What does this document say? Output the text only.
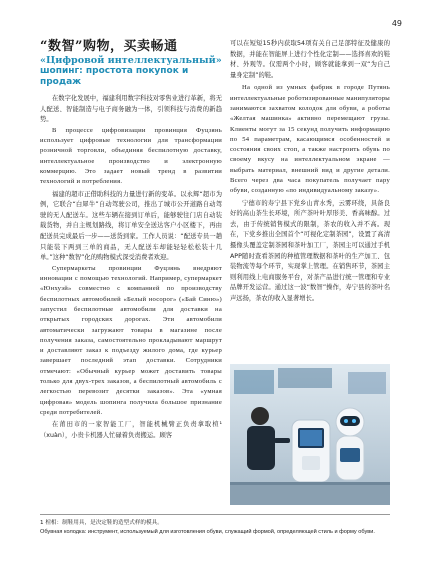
49
“数智”购物，买卖畅通
«Цифровой интеллектуальный»
шопинг: простота покупок и продаж

在数字化发展中，福建利用数字科技对零售业进行革新，将无人配送、智能制造与电子商务融为一体，引领科技与消费的新趋势。

В процессе цифровизации провинция Фуцзянь использует цифровые технологии для трансформации розничной торговли, объединяя беспилотную доставку, интеллектуальное производство и электронную коммерцию. Это задает новый тренд в развитии технологий и потребления.

福建的超市正借助科技的力量进行新的变革。以永辉“超市为例，它联合“白犀牛”自动驾驶公司，推出了城市公开道路自动驾驶的无人配送车。这些车辆在接到订单后，能够驶往门店自动装载货物，并自主规划路线，将订单安全送达客户小区楼下，再由配送员完成最后一步——送货到家。工作人员说：“配送专员一趟只能装下两到三单的商品，无人配送车却能轻轻松松装十几单。”这种“数智”化的购物模式深受消费者欢迎。

Супермаркеты провинции Фуцзянь внедряют инновации с помощью технологий. Например, супермаркет «Юнхуэй» совместно с компанией по производству беспилотных автомобилей «Белый носорог» («Бай Синю») запустил беспилотные автомобили для доставки на открытых городских дорогах. Эти автомобили автоматически загружают товары в магазине после получения заказа, самостоятельно прокладывают маршрут и доставляют заказ к подъезду жилого дома, где курьер завершает последний этап доставки. Сотрудники отмечают: «Обычный курьер может доставить товары только для двух-трех заказов, а беспилотный автомобиль с легкостью перевозит десятки заказов». Эта «умная цифровая» модель шопинга получила большое признание среди потребителей.

在莆田市的一家智能工厂，智能机械臂正负责拿取楦¹（xuàn），小贵卡机器人忙碌着负责搬运。顾客

可以在短短15秒内获取54项有关自己足部特征及健康的数据，并能在智能屏上进行个性化定制——选择喜欢的鞋材、外观等。仅需两个小时，顾客就能拿到一双“为自己量身定制”的鞋。

На одной из умных фабрик в городе Путянь интеллектуальные роботизированные манипуляторы занимаются захватом колодок для обуви, а роботы «Желтая машинка» активно перемещают грузы. Клиенты могут за 15 секунд получить информацию по 54 параметрам, касающимся особенностей и состояния своих стоп, а также настроить обувь по своему вкусу на интеллектуальном экране — выбрать материал, внешний вид и другие детали. Всего через два часа покупатель получает пару обуви, созданную «по индивидуальному заказу».

宁德市的寿宁县下党乡山青水秀，云雾环绕，具备良好的高山茶生长环境，所产茶叶叶厚形美、香高味醇。过去，由于传统销售模式的限制，茶农的收入并不高。现在，下党乡推出全国首个“可视化定制茶园”，设置了高清摄像头覆盖定制茶园和茶叶加工厂，茶园主可以通过手机APP随时查看茶园的种植管理数据和茶叶的生产加工、包装物流等每个环节，实现掌上管理。在销售环节，茶园主则利用线上电商服务平台，对茶产品进行统一管理和专业品牌开发运营。通过这一波“数智”操作，寿宁县的茶叶名声远扬，茶农的收入显著增长。

1 楦相：制鞋用具，是决定鞋的造型式样的模具。

Обувная колодка: инструмент, используемый для изготовления обуви, служащий формой, определяющей стиль и форму обуви.
